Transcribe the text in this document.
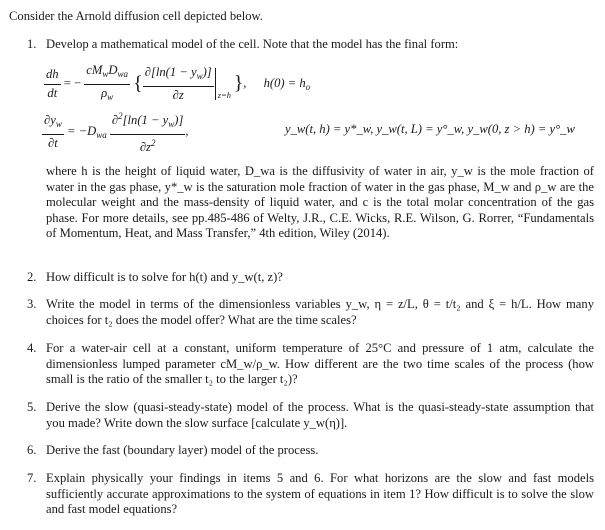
Consider the Arnold diffusion cell depicted below.
1. Develop a mathematical model of the cell. Note that the model has the final form:
$\frac{dh}{dt}$ = − $\frac{cM_wD_{wa}}{\rho_w}$ { $\frac{\partial[\ln(1 - y_w)]}{\partial z} z=h$
}, $h(0) = h_o$
$\frac{\partial y_w}{\partial t} = -D_{wa} \frac{\partial^2[\ln(1 - y_w)]}{\partial z^2}$ ,	y_w(t, h) = y*_w, y_w(t, L) = y°_w, y_w(0, z > h) = y°_w
where h is the height of liquid water, D_wa is the diffusivity of water in air, y_w is the mole fraction of water in the gas phase, y*_w is the saturation mole fraction of water in the gas phase, M_w and ρ_w are the molecular weight and the mass-density of liquid water, and c is the total molar concentration of the gas phase. For more details, see pp.485-486 of Welty, J.R., C.E. Wicks, R.E. Wilson, G. Rorrer, “Fundamentals of Momentum, Heat, and Mass Transfer,” 4th edition, Wiley (2014).
2. How difficult is to solve for h(t) and y_w(t, z)?
3. Write the model in terms of the dimensionless variables y_w, η = z/L, θ = t/t₂ and ξ = h/L. How many choices for t₂ does the model offer? What are the time scales?
4. For a water-air cell at a constant, uniform temperature of 25°C and pressure of 1 atm, calculate the dimensionless lumped parameter cM_w/ρ_w. How different are the two time scales of the process (how small is the ratio of the smaller t₂ to the larger t₂)?
5. Derive the slow (quasi-steady-state) model of the process. What is the quasi-steady-state assumption that you made? Write down the slow surface [calculate y_w(η)].
6. Derive the fast (boundary layer) model of the process.
7. Explain physically your findings in items 5 and 6. For what horizons are the slow and fast models sufficiently accurate approximations to the system of equations in item 1? How difficult is to solve the slow and fast model equations?
